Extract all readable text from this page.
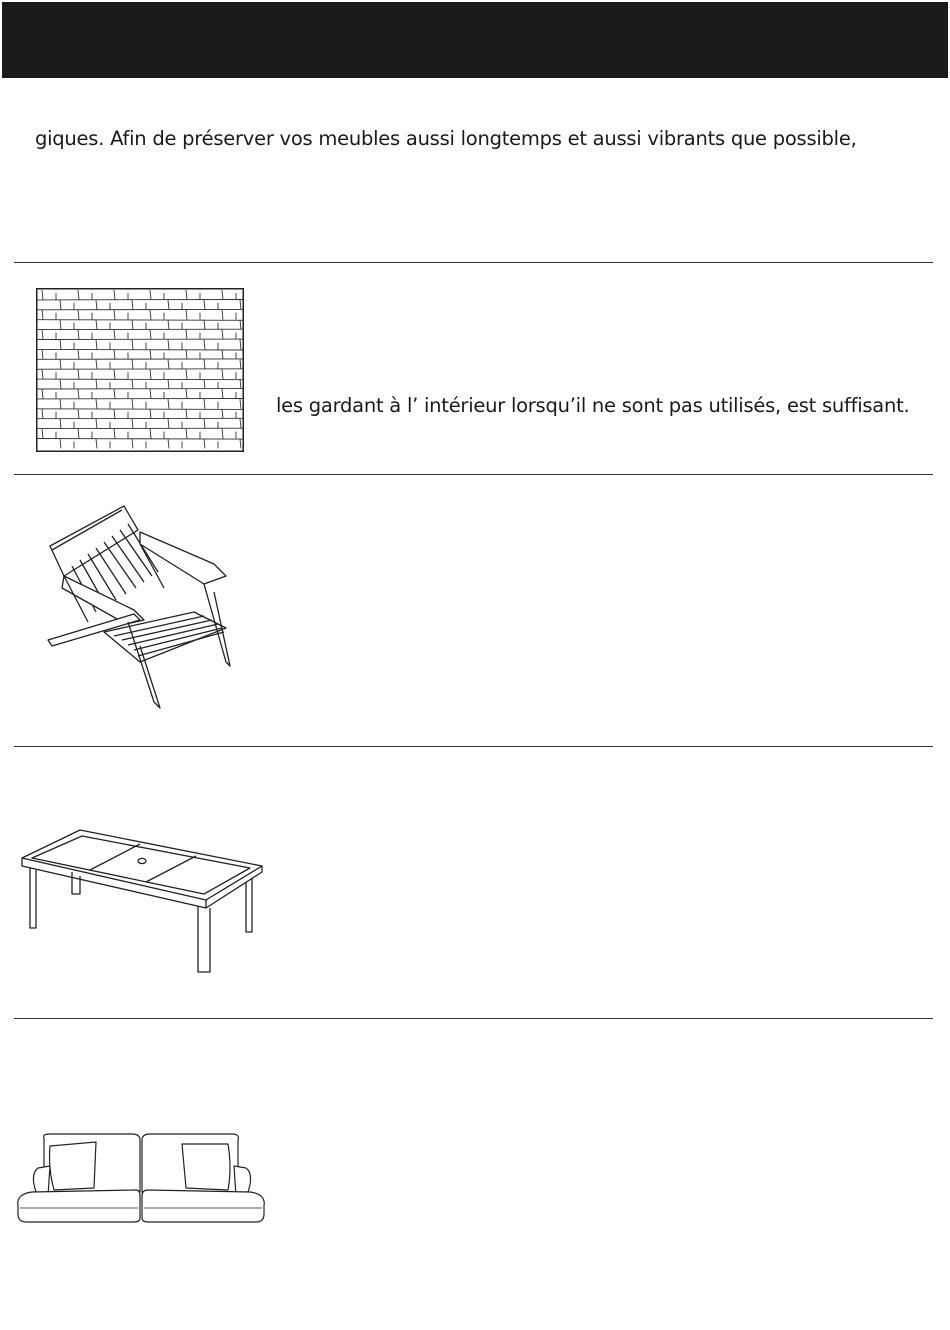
giques. Afin de préserver vos meubles aussi longtemps et aussi vibrants que possible,
les gardant à l’ intérieur lorsqu’il ne sont pas utilisés, est suffisant.
